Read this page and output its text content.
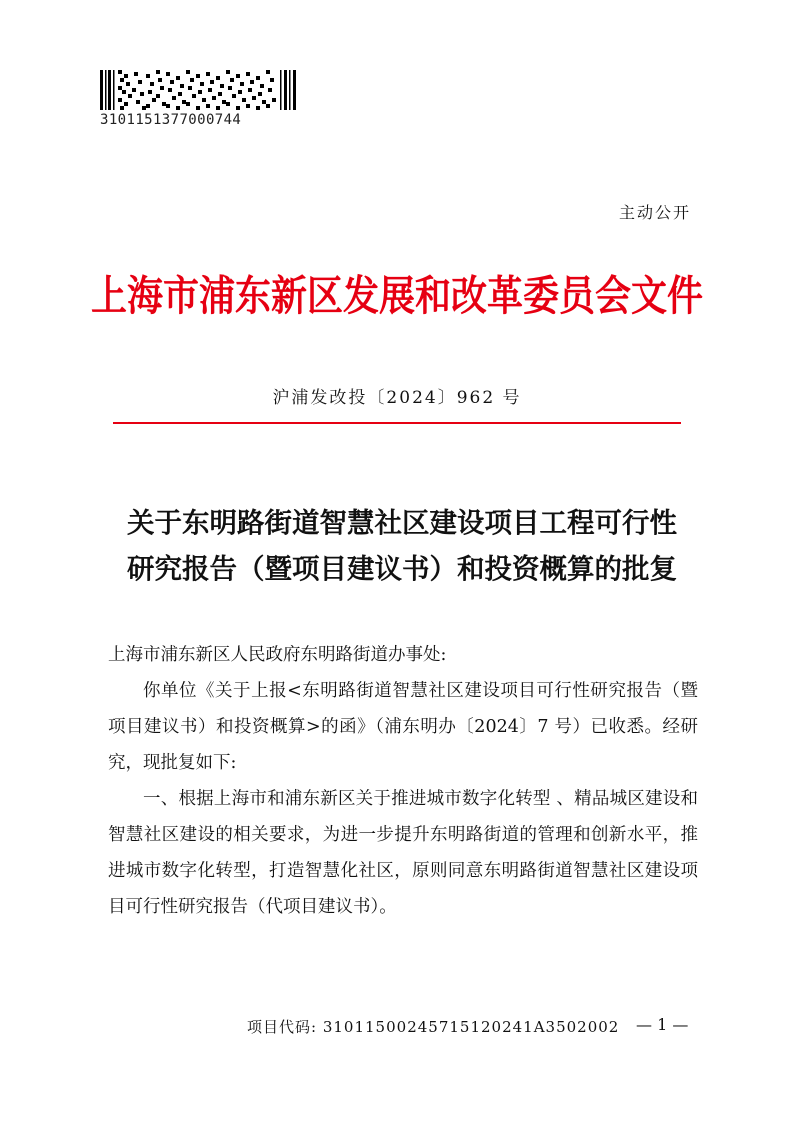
3101151377000744
主动公开
上海市浦东新区发展和改革委员会文件
沪浦发改投〔2024〕962 号
关于东明路街道智慧社区建设项目工程可行性
研究报告（暨项目建议书）和投资概算的批复

上海市浦东新区人民政府东明路街道办事处:

你单位《关于上报<东明路街道智慧社区建设项目可行性研究报告（暨项目建议书）和投资概算>的函》（浦东明办〔2024〕7 号）已收悉。经研究，现批复如下:

一、根据上海市和浦东新区关于推进城市数字化转型 、精品城区建设和智慧社区建设的相关要求，为进一步提升东明路街道的管理和创新水平，推进城市数字化转型，打造智慧化社区，原则同意东明路街道智慧社区建设项目可行性研究报告（代项目建议书）。

项目代码: 31011500245715120241A3502002 — 1 —
